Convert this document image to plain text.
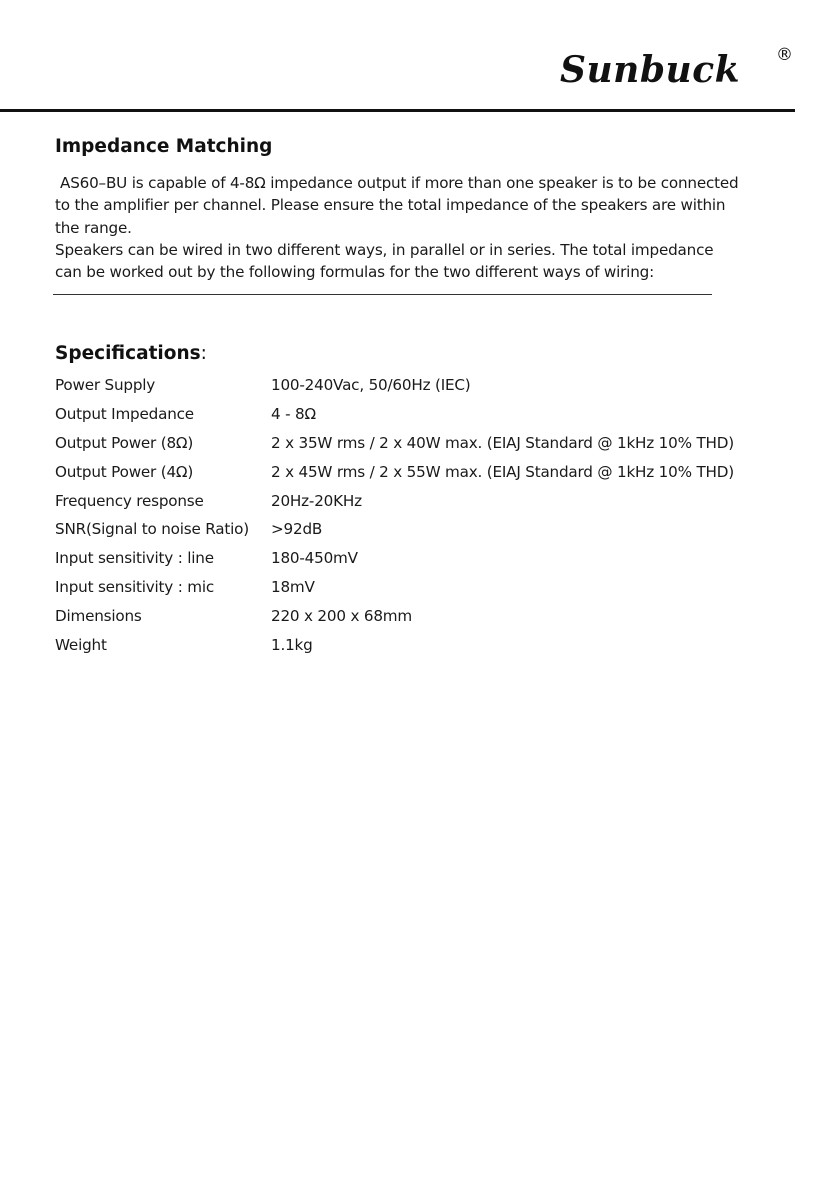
Sunbuck ®
Impedance Matching
AS60–BU is capable of 4-8Ω impedance output if more than one speaker is to be connected
to the amplifier per channel. Please ensure the total impedance of the speakers are within
the range.
Speakers can be wired in two different ways, in parallel or in series. The total impedance
can be worked out by the following formulas for the two different ways of wiring:
Specifications:
Power Supply	100-240Vac, 50/60Hz (IEC)
Output Impedance	4 - 8Ω
Output Power (8Ω)	2 x 35W rms / 2 x 40W max. (EIAJ Standard @ 1kHz 10% THD)
Output Power (4Ω)	2 x 45W rms / 2 x 55W max. (EIAJ Standard @ 1kHz 10% THD)
Frequency response	20Hz-20KHz
SNR(Signal to noise Ratio) >92dB
Input sensitivity : line	180-450mV
Input sensitivity : mic	18mV
Dimensions	220 x 200 x 68mm
Weight	1.1kg
